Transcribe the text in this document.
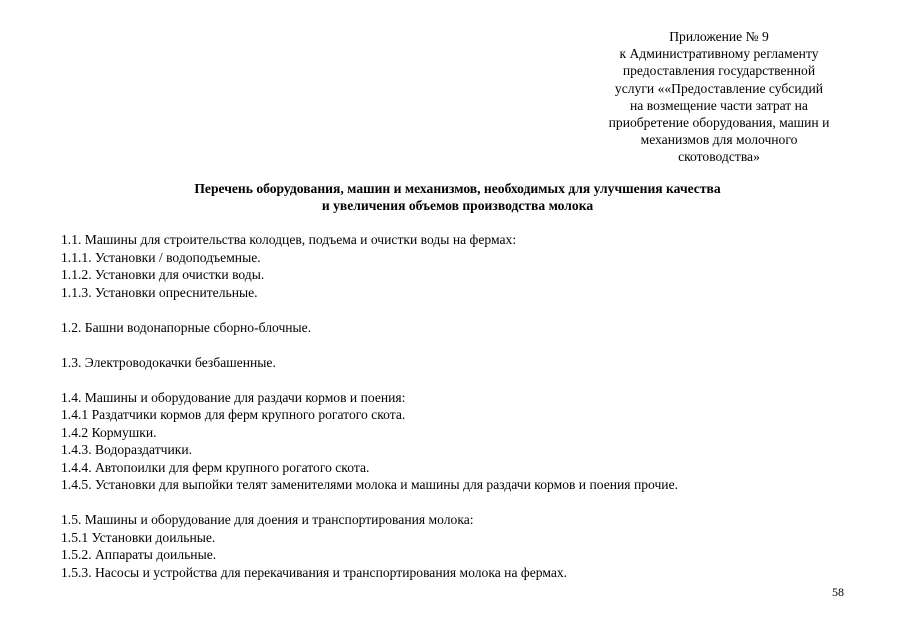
Приложение № 9
к Административному регламенту
предоставления государственной
услуги ««Предоставление субсидий
на возмещение части затрат на
приобретение оборудования, машин и
механизмов для молочного
скотоводства»
Перечень оборудования, машин и механизмов, необходимых для улучшения качества
и увеличения объемов производства молока
1.1. Машины для строительства колодцев, подъема и очистки воды на фермах:
1.1.1. Установки / водоподъемные.
1.1.2. Установки для очистки воды.
1.1.3. Установки опреснительные.
1.2. Башни водонапорные сборно-блочные.
1.3. Электроводокачки безбашенные.
1.4. Машины и оборудование для раздачи кормов и поения:
1.4.1 Раздатчики кормов для ферм крупного рогатого скота.
1.4.2 Кормушки.
1.4.3. Водораздатчики.
1.4.4. Автопоилки для ферм крупного рогатого скота.
1.4.5. Установки для выпойки телят заменителями молока и машины для раздачи кормов и поения прочие.
1.5. Машины и оборудование для доения и транспортирования молока:
1.5.1 Установки доильные.
1.5.2. Аппараты доильные.
1.5.3. Насосы и устройства для перекачивания и транспортирования молока на фермах.
58
